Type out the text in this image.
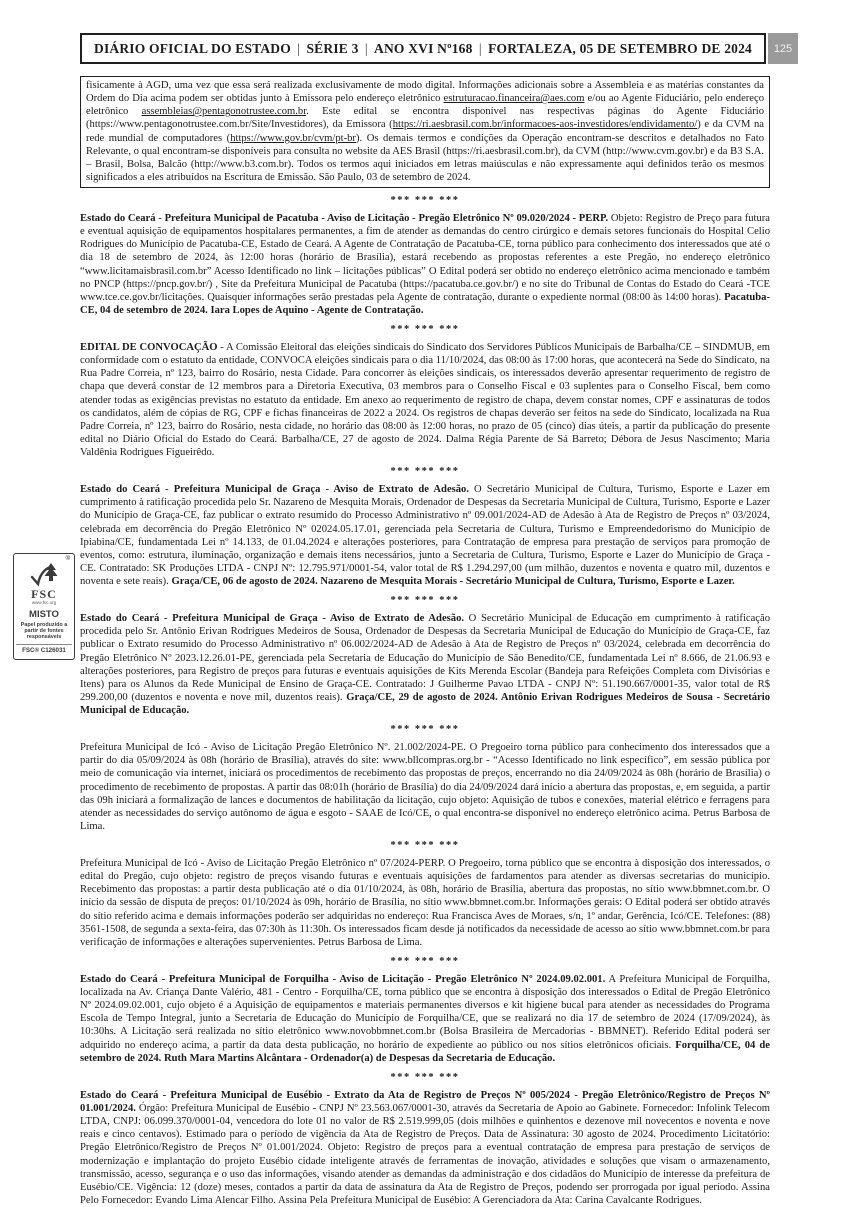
DIÁRIO OFICIAL DO ESTADO | SÉRIE 3 | ANO XVI Nº168 | FORTALEZA, 05 DE SETEMBRO DE 2024	125
fisicamente à AGD, uma vez que essa será realizada exclusivamente de modo digital. Informações adicionais sobre a Assembleia e as matérias constantes da Ordem do Dia acima podem ser obtidas junto à Emissora pelo endereço eletrônico estruturacao.financeira@aes.com e/ou ao Agente Fiduciário, pelo endereço eletrônico assembleias@pentagonotrustee.com.br. Este edital se encontra disponível nas respectivas páginas do Agente Fiduciário (https://www.pentagonotrustee.com.br/Site/Investidores), da Emissora (https://ri.aesbrasil.com.br/informacoes-aos-investidores/endividamento/) e da CVM na rede mundial de computadores (https://www.gov.br/cvm/pt-br). Os demais termos e condições da Operação encontram-se descritos e detalhados no Fato Relevante, o qual encontram-se disponíveis para consulta no website da AES Brasil (https://ri.aesbrasil.com.br), da CVM (http://www.cvm.gov.br) e da B3 S.A. – Brasil, Bolsa, Balcão (http://www.b3.com.br). Todos os termos aqui iniciados em letras maiúsculas e não expressamente aqui definidos terão os mesmos significados a eles atribuídos na Escritura de Emissão. São Paulo, 03 de setembro de 2024.
*** *** ***

Estado do Ceará - Prefeitura Municipal de Pacatuba - Aviso de Licitação - Pregão Eletrônico Nº 09.020/2024 - PERP. Objeto: Registro de Preço para futura e eventual aquisição de equipamentos hospitalares permanentes, a fim de atender as demandas do centro cirúrgico e demais setores funcionais do Hospital Celio Rodrigues do Município de Pacatuba-CE, Estado de Ceará. A Agente de Contratação de Pacatuba-CE, torna público para conhecimento dos interessados que até o dia 18 de setembro de 2024, às 12:00 horas (horário de Brasília), estará recebendo as propostas referentes a este Pregão, no endereço eletrônico “www.licitamaisbrasil.com.br” Acesso Identificado no link – licitações públicas” O Edital poderá ser obtido no endereço eletrônico acima mencionado e também no PNCP (https://pncp.gov.br/) , Site da Prefeitura Municipal de Pacatuba (https://pacatuba.ce.gov.br/) e no site do Tribunal de Contas do Estado do Ceará -TCE www.tce.ce.gov.br/licitações. Quaisquer informações serão prestadas pela Agente de contratação, durante o expediente normal (08:00 às 14:00 horas). Pacatuba-CE, 04 de setembro de 2024. Iara Lopes de Aquino - Agente de Contratação.

*** *** ***

EDITAL DE CONVOCAÇÃO - A Comissão Eleitoral das eleições sindicais do Sindicato dos Servidores Públicos Municipais de Barbalha/CE – SINDMUB, em conformidade com o estatuto da entidade, CONVOCA eleições sindicais para o dia 11/10/2024, das 08:00 às 17:00 horas, que acontecerá na Sede do Sindicato, na Rua Padre Correia, nº 123, bairro do Rosário, nesta Cidade. Para concorrer às eleições sindicais, os interessados deverão apresentar requerimento de registro de chapa que deverá constar de 12 membros para a Diretoria Executiva, 03 membros para o Conselho Fiscal e 03 suplentes para o Conselho Fiscal, bem como atender todas as exigências previstas no estatuto da entidade. Em anexo ao requerimento de registro de chapa, devem constar nomes, CPF e assinaturas de todos os candidatos, além de cópias de RG, CPF e fichas financeiras de 2022 a 2024. Os registros de chapas deverão ser feitos na sede do Sindicato, localizada na Rua Padre Correia, nº 123, bairro do Rosário, nesta cidade, no horário das 08:00 às 12:00 horas, no prazo de 05 (cinco) dias úteis, a partir da publicação do presente edital no Diário Oficial do Estado do Ceará. Barbalha/CE, 27 de agosto de 2024. Dalma Régia Parente de Sá Barreto; Débora de Jesus Nascimento; Maria Valdênia Rodrigues Figueirêdo.

*** *** ***

Estado do Ceará - Prefeitura Municipal de Graça - Aviso de Extrato de Adesão. O Secretário Municipal de Cultura, Turismo, Esporte e Lazer em cumprimento à ratificação procedida pelo Sr. Nazareno de Mesquita Morais, Ordenador de Despesas da Secretaria Municipal de Cultura, Turismo, Esporte e Lazer do Município de Graça-CE, faz publicar o extrato resumido do Processo Administrativo nº 09.001/2024-AD de Adesão à Ata de Registro de Preços nº 03/2024, celebrada em decorrência do Pregão Eletrônico Nº 02024.05.17.01, gerenciada pela Secretaria de Cultura, Turismo e Empreendedorismo do Município de Ipiabina/CE, fundamentada Lei nº 14.133, de 01.04.2024 e alterações posteriores, para Contratação de empresa para prestação de serviços para promoção de eventos, como: estrutura, iluminação, organização e demais itens necessários, junto a Secretaria de Cultura, Turismo, Esporte e Lazer do Município de Graça - CE. Contratado: SK Produções LTDA - CNPJ Nº: 12.795.971/0001-54, valor total de R$ 1.294.297,00 (um milhão, duzentos e noventa e quatro mil, duzentos e noventa e sete reais). Graça/CE, 06 de agosto de 2024. Nazareno de Mesquita Morais - Secretário Municipal de Cultura, Turismo, Esporte e Lazer.

*** *** ***

Estado do Ceará - Prefeitura Municipal de Graça - Aviso de Extrato de Adesão. O Secretário Municipal de Educação em cumprimento à ratificação procedida pelo Sr. Antônio Erivan Rodrigues Medeiros de Sousa, Ordenador de Despesas da Secretaria Municipal de Educação do Município de Graça-CE, faz publicar o Extrato resumido do Processo Administrativo nº 06.002/2024-AD de Adesão à Ata de Registro de Preços nº 03/2024, celebrada em decorrência do Pregão Eletrônico Nº 2023.12.26.01-PE, gerenciada pela Secretaria de Educação do Município de São Benedito/CE, fundamentada Lei nº 8.666, de 21.06.93 e alterações posteriores, para Registro de preços para futuras e eventuais aquisições de Kits Merenda Escolar (Bandeja para Refeições Completa com Divisórias e Itens) para os Alunos da Rede Municipal de Ensino de Graça-CE. Contratado: J Guilherme Pavao LTDA - CNPJ Nº: 51.190.667/0001-35, valor total de R$ 299.200,00 (duzentos e noventa e nove mil, duzentos reais). Graça/CE, 29 de agosto de 2024. Antônio Erivan Rodrigues Medeiros de Sousa - Secretário Municipal de Educação.

*** *** ***

Prefeitura Municipal de Icó - Aviso de Licitação Pregão Eletrônico Nº. 21.002/2024-PE. O Pregoeiro torna público para conhecimento dos interessados que a partir do dia 05/09/2024 às 08h (horário de Brasília), através do site: www.bllcompras.org.br - “Acesso Identificado no link específico”, em sessão pública por meio de comunicação via internet, iniciará os procedimentos de recebimento das propostas de preços, encerrando no dia 24/09/2024 às 08h (horário de Brasília) o procedimento de recebimento de propostas. A partir das 08:01h (horário de Brasília) do dia 24/09/2024 dará início a abertura das propostas, e, em seguida, a partir das 09h iniciará a formalização de lances e documentos de habilitação da licitação, cujo objeto: Aquisição de tubos e conexões, material elétrico e ferragens para atender as necessidades do serviço autônomo de água e esgoto - SAAE de Icó/CE, o qual encontra-se disponível no endereço eletrônico acima. Petrus Barbosa de Lima.

*** *** ***

Prefeitura Municipal de Icó - Aviso de Licitação Pregão Eletrônico nº 07/2024-PERP. O Pregoeiro, torna público que se encontra à disposição dos interessados, o edital do Pregão, cujo objeto: registro de preços visando futuras e eventuais aquisições de fardamentos para atender as diversas secretarias do município. Recebimento das propostas: a partir desta publicação até o dia 01/10/2024, às 08h, horário de Brasília, abertura das propostas, no sítio www.bbmnet.com.br. O início da sessão de disputa de preços: 01/10/2024 às 09h, horário de Brasília, no sítio www.bbmnet.com.br. Informações gerais: O Edital poderá ser obtido através do sítio referido acima e demais informações poderão ser adquiridas no endereço: Rua Francisca Aves de Moraes, s/n, 1º andar, Gerência, Icó/CE. Telefones: (88) 3561-1508, de segunda a sexta-feira, das 07:30h às 11:30h. Os interessados ficam desde já notificados da necessidade de acesso ao sítio www.bbmnet.com.br para verificação de informações e alterações supervenientes. Petrus Barbosa de Lima.

*** *** ***

Estado do Ceará - Prefeitura Municipal de Forquilha - Aviso de Licitação - Pregão Eletrônico Nº 2024.09.02.001. A Prefeitura Municipal de Forquilha, localizada na Av. Criança Dante Valério, 481 - Centro - Forquilha/CE, torna público que se encontra à disposição dos interessados o Edital de Pregão Eletrônico Nº 2024.09.02.001, cujo objeto é a Aquisição de equipamentos e materiais permanentes diversos e kit higiene bucal para atender as necessidades do Programa Escola de Tempo Integral, junto a Secretaria de Educação do Município de Forquilha/CE, que se realizará no dia 17 de setembro de 2024 (17/09/2024), às 10:30hs. A Licitação será realizada no sítio eletrônico www.novobbmnet.com.br (Bolsa Brasileira de Mercadorias - BBMNET). Referido Edital poderá ser adquirido no endereço acima, a partir da data desta publicação, no horário de expediente ao público ou nos sítios eletrônicos oficiais. Forquilha/CE, 04 de setembro de 2024. Ruth Mara Martins Alcântara - Ordenador(a) de Despesas da Secretaria de Educação.

*** *** ***

Estado do Ceará - Prefeitura Municipal de Eusébio - Extrato da Ata de Registro de Preços Nº 005/2024 - Pregão Eletrônico/Registro de Preços Nº 01.001/2024. Órgão: Prefeitura Municipal de Eusébio - CNPJ Nº 23.563.067/0001-30, através da Secretaria de Apoio ao Gabinete. Fornecedor: Infolink Telecom LTDA, CNPJ: 06.099.370/0001-04, vencedora do lote 01 no valor de R$ 2.519.999,05 (dois milhões e quinhentos e dezenove mil novecentos e noventa e nove reais e cinco centavos). Estimado para o período de vigência da Ata de Registro de Preços. Data de Assinatura: 30 agosto de 2024. Procedimento Licitatório: Pregão Eletrônico/Registro de Preços Nº 01.001/2024. Objeto: Registro de preços para a eventual contratação de empresa para prestação de serviços de modernização e implantação do projeto Eusébio cidade inteligente através de ferramentas de inovação, atividades e soluções que visam o armazenamento, transmissão, acesso, segurança e o uso das informações, visando atender as demandas da administração e dos cidadãos do Município de interesse da prefeitura de Eusébio/CE. Vigência: 12 (doze) meses, contados a partir da data de assinatura da Ata de Registro de Preços, podendo ser prorrogada por igual período. Assina Pelo Fornecedor: Evando Lima Alencar Filho. Assina Pela Prefeitura Municipal de Eusébio: A Gerenciadora da Ata: Carina Cavalcante Rodrigues.

®
FSC
www.fsc.org
MISTO
Papel produzido a partir de fontes responsáveis
FSC® C126031
